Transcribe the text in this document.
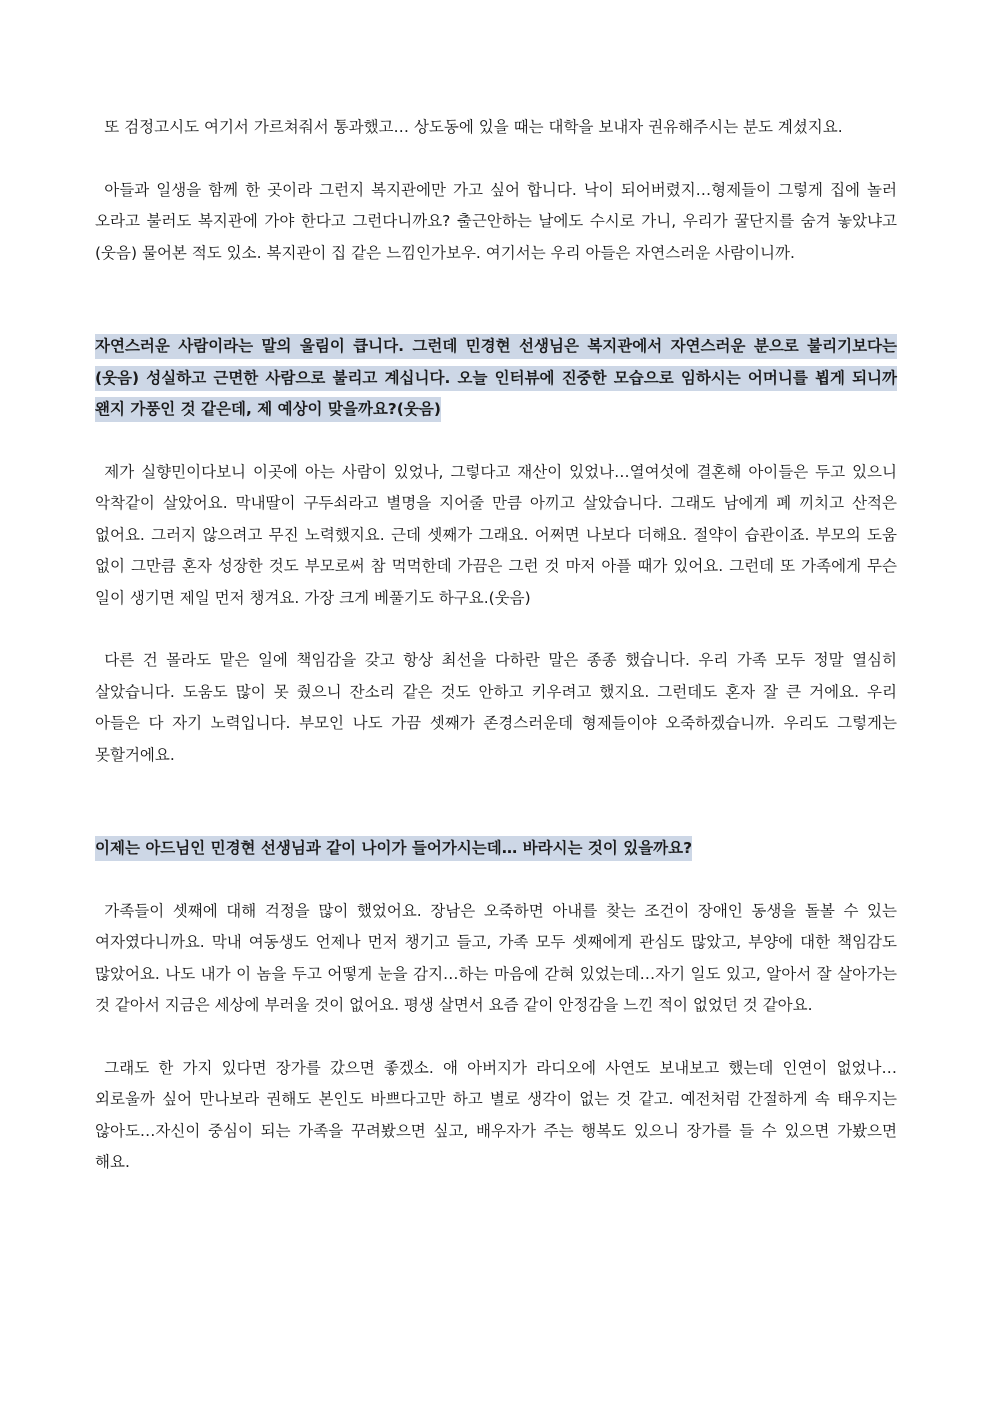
또 검정고시도 여기서 가르쳐줘서 통과했고… 상도동에 있을 때는 대학을 보내자 권유해주시는 분도 계셨지요.

아들과 일생을 함께 한 곳이라 그런지 복지관에만 가고 싶어 합니다. 낙이 되어버렸지…형제들이 그렇게 집에 놀러 오라고 불러도 복지관에 가야 한다고 그런다니까요? 출근안하는 날에도 수시로 가니, 우리가 꿀단지를 숨겨 놓았냐고(웃음) 물어본 적도 있소. 복지관이 집 같은 느낌인가보우. 여기서는 우리 아들은 자연스러운 사람이니까.

자연스러운 사람이라는 말의 울림이 큽니다. 그런데 민경현 선생님은 복지관에서 자연스러운 분으로 불리기보다는(웃음) 성실하고 근면한 사람으로 불리고 계십니다. 오늘 인터뷰에 진중한 모습으로 임하시는 어머니를 뵙게 되니까 왠지 가풍인 것 같은데, 제 예상이 맞을까요?(웃음)

제가 실향민이다보니 이곳에 아는 사람이 있었나, 그렇다고 재산이 있었나…열여섯에 결혼해 아이들은 두고 있으니 악착같이 살았어요. 막내딸이 구두쇠라고 별명을 지어줄 만큼 아끼고 살았습니다. 그래도 남에게 폐 끼치고 산적은 없어요. 그러지 않으려고 무진 노력했지요. 근데 셋째가 그래요. 어쩌면 나보다 더해요. 절약이 습관이죠. 부모의 도움 없이 그만큼 혼자 성장한 것도 부모로써 참 먹먹한데 가끔은 그런 것 마저 아플 때가 있어요. 그런데 또 가족에게 무슨 일이 생기면 제일 먼저 챙겨요. 가장 크게 베풀기도 하구요.(웃음)

다른 건 몰라도 맡은 일에 책임감을 갖고 항상 최선을 다하란 말은 종종 했습니다. 우리 가족 모두 정말 열심히 살았습니다. 도움도 많이 못 줬으니 잔소리 같은 것도 안하고 키우려고 했지요. 그런데도 혼자 잘 큰 거에요. 우리 아들은 다 자기 노력입니다. 부모인 나도 가끔 셋째가 존경스러운데 형제들이야 오죽하겠습니까. 우리도 그렇게는 못할거에요.

이제는 아드님인 민경현 선생님과 같이 나이가 들어가시는데… 바라시는 것이 있을까요?

가족들이 셋째에 대해 걱정을 많이 했었어요. 장남은 오죽하면 아내를 찾는 조건이 장애인 동생을 돌볼 수 있는 여자였다니까요. 막내 여동생도 언제나 먼저 챙기고 들고, 가족 모두 셋째에게 관심도 많았고, 부양에 대한 책임감도 많았어요. 나도 내가 이 놈을 두고 어떻게 눈을 감지…하는 마음에 갇혀 있었는데…자기 일도 있고, 알아서 잘 살아가는 것 같아서 지금은 세상에 부러울 것이 없어요. 평생 살면서 요즘 같이 안정감을 느낀 적이 없었던 것 같아요.

그래도 한 가지 있다면 장가를 갔으면 좋겠소. 애 아버지가 라디오에 사연도 보내보고 했는데 인연이 없었나…외로울까 싶어 만나보라 권해도 본인도 바쁘다고만 하고 별로 생각이 없는 것 같고. 예전처럼 간절하게 속 태우지는 않아도…자신이 중심이 되는 가족을 꾸려봤으면 싶고, 배우자가 주는 행복도 있으니 장가를 들 수 있으면 가봤으면 해요.
